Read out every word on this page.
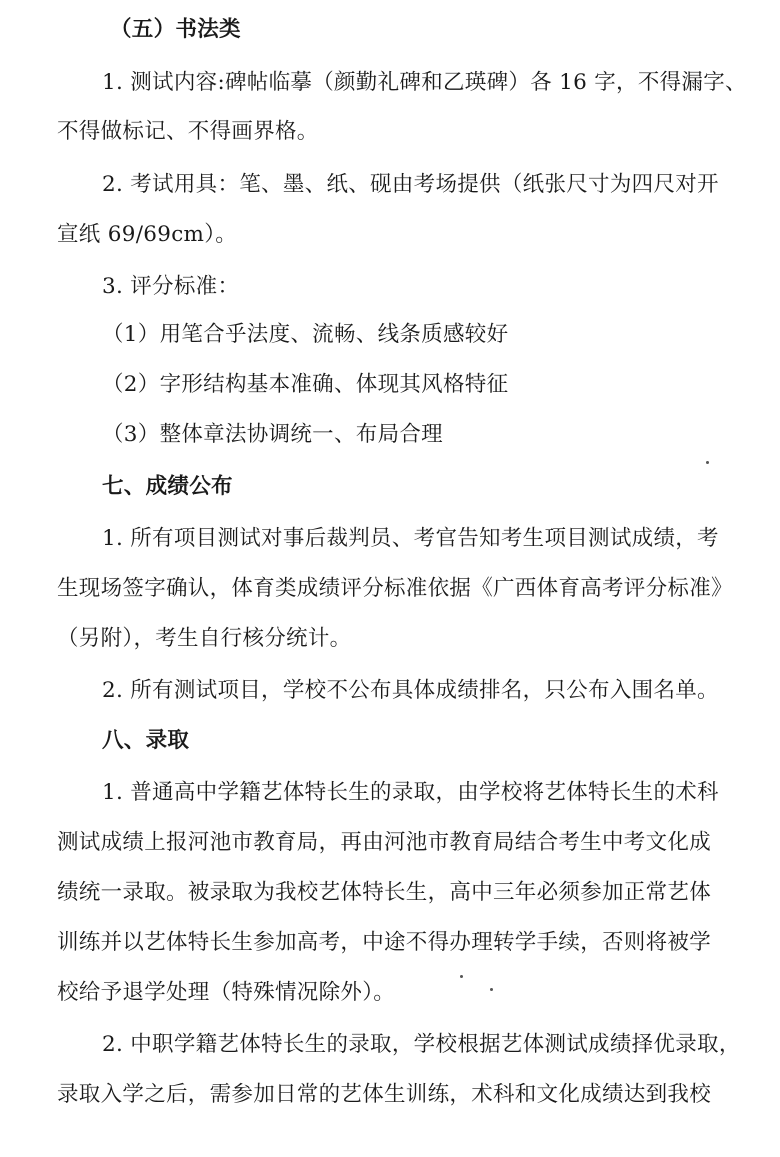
（五）书法类
1. 测试内容:碑帖临摹（颜勤礼碑和乙瑛碑）各 16 字，不得漏字、
不得做标记、不得画界格。
2. 考试用具：笔、墨、纸、砚由考场提供（纸张尺寸为四尺对开
宣纸 69/69cm）。
3. 评分标准：
（1）用笔合乎法度、流畅、线条质感较好
（2）字形结构基本准确、体现其风格特征
（3）整体章法协调统一、布局合理
七、成绩公布
1. 所有项目测试对事后裁判员、考官告知考生项目测试成绩，考
生现场签字确认，体育类成绩评分标准依据《广西体育高考评分标准》
（另附），考生自行核分统计。
2. 所有测试项目，学校不公布具体成绩排名，只公布入围名单。
八、录取
1. 普通高中学籍艺体特长生的录取，由学校将艺体特长生的术科
测试成绩上报河池市教育局，再由河池市教育局结合考生中考文化成
绩统一录取。被录取为我校艺体特长生，高中三年必须参加正常艺体
训练并以艺体特长生参加高考，中途不得办理转学手续，否则将被学
校给予退学处理（特殊情况除外）。
2. 中职学籍艺体特长生的录取，学校根据艺体测试成绩择优录取，
录取入学之后，需参加日常的艺体生训练，术科和文化成绩达到我校
